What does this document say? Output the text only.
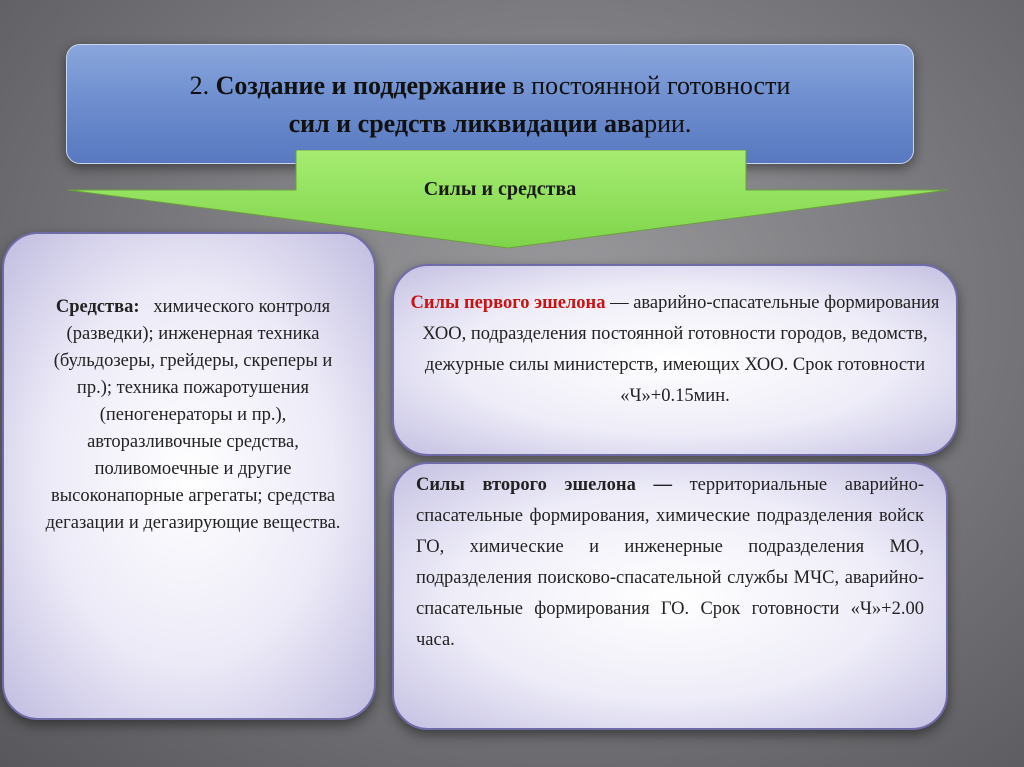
2. Создание и поддержание в постоянной готовности
сил и средств ликвидации аварии.
Силы и средства
Средства: химического контроля (разведки); инженерная техника (бульдозеры, грейдеры, скреперы и пр.); техника пожаротушения (пеногенераторы и пр.), авторазливочные средства, поливомоечные и другие высоконапорные агрегаты; средства дегазации и дегазирующие вещества.
Силы первого эшелона — аварийно-спасательные формирования ХОО, подразделения постоянной готовности городов, ведомств, дежурные силы министерств, имеющих ХОО. Срок готовности «Ч»+0.15мин.
Силы второго эшелона — территориальные аварийно-спасательные формирования, химические подразделения войск ГО, химические и инженерные подразделения МО, подразделения поисково-спасательной службы МЧС, аварийно-спасательные формирования ГО. Срок готовности «Ч»+2.00 часа.
